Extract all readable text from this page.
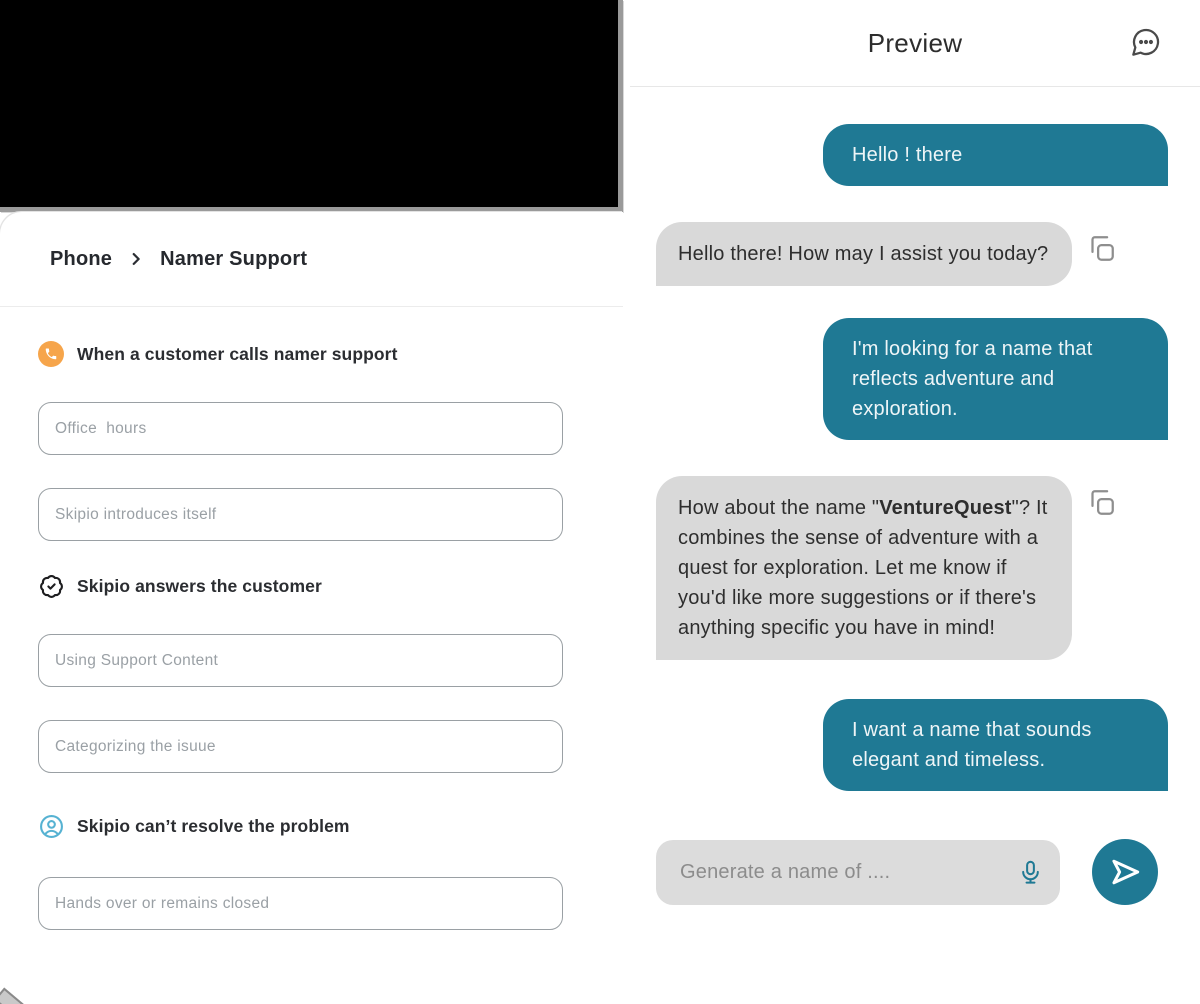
Phone Namer Support
When a customer calls namer support
Office hours
Skipio introduces itself
Skipio answers the customer
Using Support Content
Categorizing the isuue
Skipio can’t resolve the problem
Hands over or remains closed
Preview
Hello ! there
Hello there! How may I assist you today?
I'm looking for a name that reflects adventure and exploration.
How about the name "VentureQuest"? It combines the sense of adventure with a quest for exploration. Let me know if you'd like more suggestions or if there's anything specific you have in mind!
I want a name that sounds elegant and timeless.
Generate a name of ....
